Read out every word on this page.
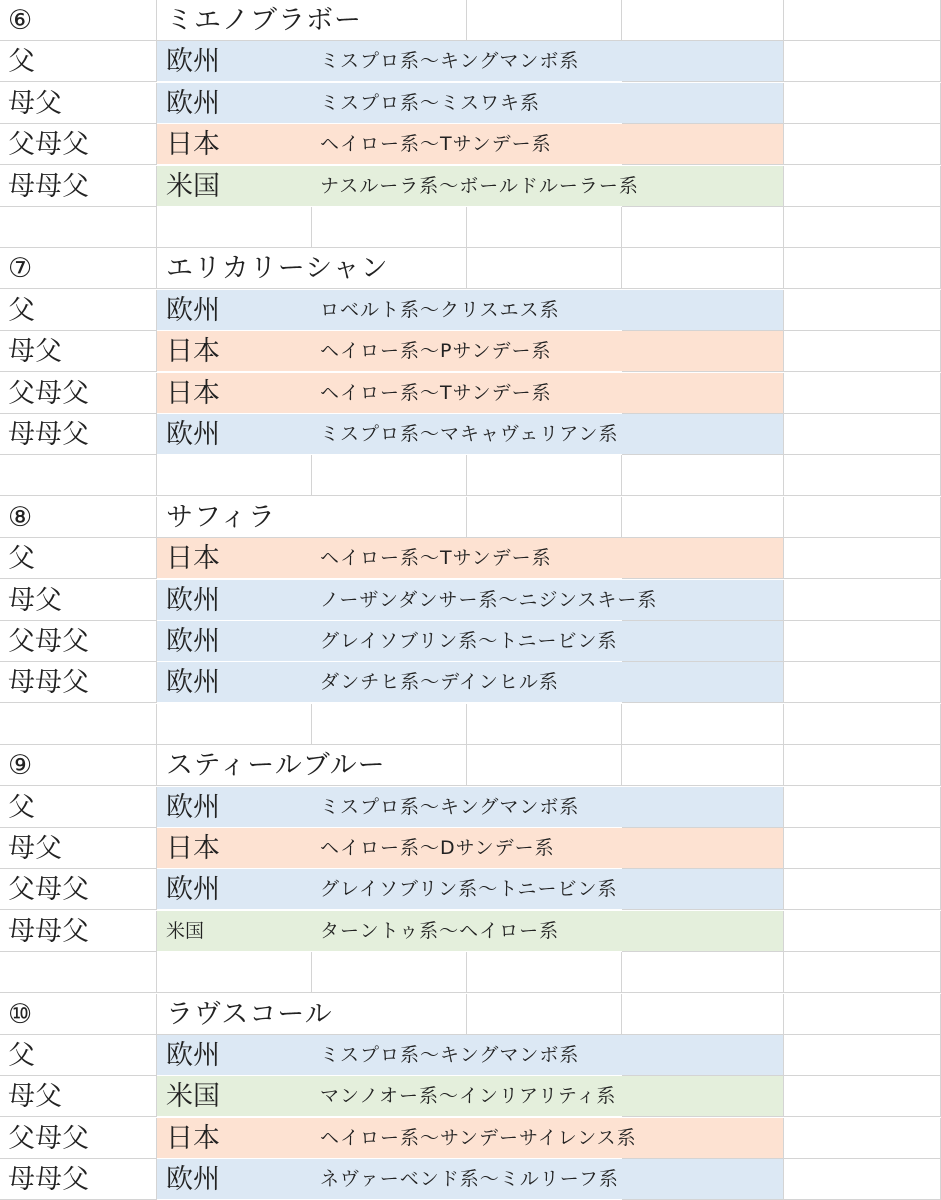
⑥	ミエノブラボー
父	欧州	ミスプロ系～キングマンボ系
母父	欧州	ミスプロ系～ミスワキ系
父母父	日本	ヘイロー系～Tサンデー系
母母父	米国	ナスルーラ系～ボールドルーラー系
⑦	エリカリーシャン
父	欧州	ロベルト系～クリスエス系
母父	日本	ヘイロー系～Pサンデー系
父母父	日本	ヘイロー系～Tサンデー系
母母父	欧州	ミスプロ系～マキャヴェリアン系
⑧	サフィラ
父	日本	ヘイロー系～Tサンデー系
母父	欧州	ノーザンダンサー系～ニジンスキー系
父母父	欧州	グレイソブリン系～トニービン系
母母父	欧州	ダンチヒ系～デインヒル系
⑨	スティールブルー
父	欧州	ミスプロ系～キングマンボ系
母父	日本	ヘイロー系～Dサンデー系
父母父	欧州	グレイソブリン系～トニービン系
母母父	米国	ターントゥ系～ヘイロー系
⑩	ラヴスコール
父	欧州	ミスプロ系～キングマンボ系
母父	米国	マンノオー系～インリアリティ系
父母父	日本	ヘイロー系～サンデーサイレンス系
母母父	欧州	ネヴァーベンド系～ミルリーフ系
